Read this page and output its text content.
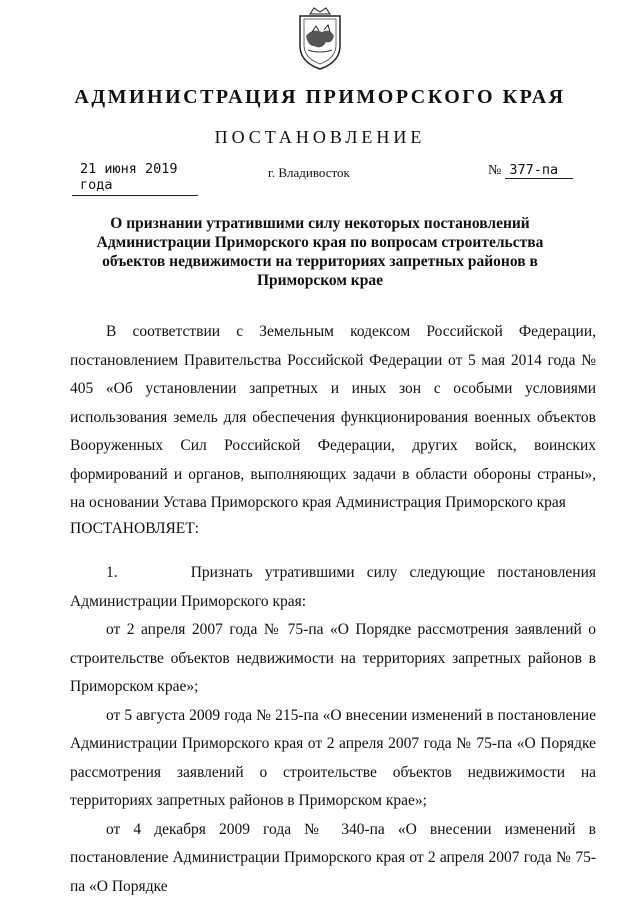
АДМИНИСТРАЦИЯ ПРИМОРСКОГО КРАЯ
ПОСТАНОВЛЕНИЕ
21 июня 2019 года
г. Владивосток	№ 377-па
О признании утратившими силу некоторых постановлений Администрации Приморского края по вопросам строительства объектов недвижимости на территориях запретных районов в Приморском крае

В соответствии с Земельным кодексом Российской Федерации, постановлением Правительства Российской Федерации от 5 мая 2014 года № 405 «Об установлении запретных и иных зон с особыми условиями использования земель для обеспечения функционирования военных объектов Вооруженных Сил Российской Федерации, других войск, воинских формирований и органов, выполняющих задачи в области обороны страны», на основании Устава Приморского края Администрация Приморского края

ПОСТАНОВЛЯЕТ:

1.      Признать утратившими силу следующие постановления Администрации Приморского края:

от 2 апреля 2007 года № 75-па «О Порядке рассмотрения заявлений о строительстве объектов недвижимости на территориях запретных районов в Приморском крае»;

от 5 августа 2009 года № 215-па «О внесении изменений в постановление Администрации Приморского края от 2 апреля 2007 года № 75-па «О Порядке рассмотрения заявлений о строительстве объектов недвижимости на территориях запретных районов в Приморском крае»;

от 4 декабря 2009 года № 340-па «О внесении изменений в постановление Администрации Приморского края от 2 апреля 2007 года № 75-па «О Порядке
